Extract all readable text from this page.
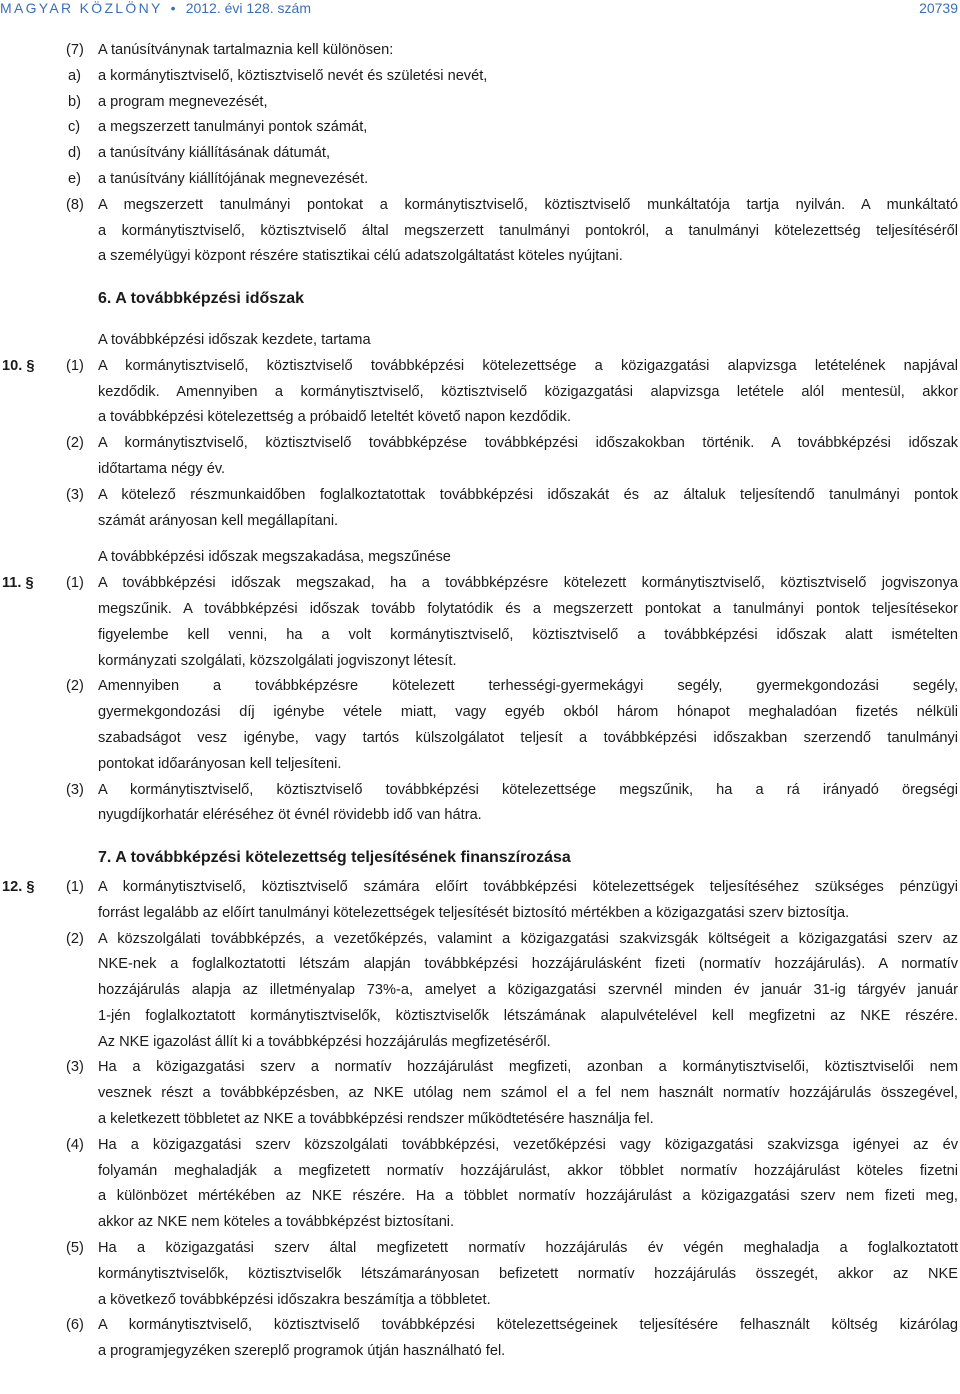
MAGYAR KÖZLÖNY • 2012. évi 128. szám	20739
(7) A tanúsítványnak tartalmaznia kell különösen:
a) a kormánytisztviselő, köztisztviselő nevét és születési nevét,
b) a program megnevezését,
c) a megszerzett tanulmányi pontok számát,
d) a tanúsítvány kiállításának dátumát,
e) a tanúsítvány kiállítójának megnevezését.
(8) A megszerzett tanulmányi pontokat a kormánytisztviselő, köztisztviselő munkáltatója tartja nyilván. A munkáltató
a kormánytisztviselő, köztisztviselő által megszerzett tanulmányi pontokról, a tanulmányi kötelezettség teljesítéséről
a személyügyi központ részére statisztikai célú adatszolgáltatást köteles nyújtani.
6. A továbbképzési időszak
A továbbképzési időszak kezdete, tartama
10. § (1) A kormánytisztviselő, köztisztviselő továbbképzési kötelezettsége a közigazgatási alapvizsga letételének napjával
kezdődik. Amennyiben a kormánytisztviselő, köztisztviselő közigazgatási alapvizsga letétele alól mentesül, akkor
a továbbképzési kötelezettség a próbaidő leteltét követő napon kezdődik.
(2) A kormánytisztviselő, köztisztviselő továbbképzése továbbképzési időszakokban történik. A továbbképzési időszak
időtartama négy év.
(3) A kötelező részmunkaidőben foglalkoztatottak továbbképzési időszakát és az általuk teljesítendő tanulmányi pontok
számát arányosan kell megállapítani.
A továbbképzési időszak megszakadása, megszűnése
11. § (1) A továbbképzési időszak megszakad, ha a továbbképzésre kötelezett kormánytisztviselő, köztisztviselő jogviszonya
megszűnik. A továbbképzési időszak tovább folytatódik és a megszerzett pontokat a tanulmányi pontok teljesítésekor
figyelembe kell venni, ha a volt kormánytisztviselő, köztisztviselő a továbbképzési időszak alatt ismételten
kormányzati szolgálati, közszolgálati jogviszonyt létesít.
(2) Amennyiben a továbbképzésre kötelezett terhességi-gyermekágyi segély, gyermekgondozási segély,
gyermekgondozási díj igénybe vétele miatt, vagy egyéb okból három hónapot meghaladóan fizetés nélküli
szabadságot vesz igénybe, vagy tartós külszolgálatot teljesít a továbbképzési időszakban szerzendő tanulmányi
pontokat időarányosan kell teljesíteni.
(3) A kormánytisztviselő, köztisztviselő továbbképzési kötelezettsége megszűnik, ha a rá irányadó öregségi
nyugdíjkorhatár eléréséhez öt évnél rövidebb idő van hátra.
7. A továbbképzési kötelezettség teljesítésének finanszírozása
12. § (1) A kormánytisztviselő, köztisztviselő számára előírt továbbképzési kötelezettségek teljesítéséhez szükséges pénzügyi
forrást legalább az előírt tanulmányi kötelezettségek teljesítését biztosító mértékben a közigazgatási szerv biztosítja.
(2) A közszolgálati továbbképzés, a vezetőképzés, valamint a közigazgatási szakvizsgák költségeit a közigazgatási szerv az
NKE-nek a foglalkoztatotti létszám alapján továbbképzési hozzájárulásként fizeti (normatív hozzájárulás). A normatív
hozzájárulás alapja az illetményalap 73%-a, amelyet a közigazgatási szervnél minden év január 31-ig tárgyév január
1-jén foglalkoztatott kormánytisztviselők, köztisztviselők létszámának alapulvételével kell megfizetni az NKE részére.
Az NKE igazolást állít ki a továbbképzési hozzájárulás megfizetéséről.
(3) Ha a közigazgatási szerv a normatív hozzájárulást megfizeti, azonban a kormánytisztviselői, köztisztviselői nem
vesznek részt a továbbképzésben, az NKE utólag nem számol el a fel nem használt normatív hozzájárulás összegével,
a keletkezett többletet az NKE a továbbképzési rendszer működtetésére használja fel.
(4) Ha a közigazgatási szerv közszolgálati továbbképzési, vezetőképzési vagy közigazgatási szakvizsga igényei az év
folyamán meghaladják a megfizetett normatív hozzájárulást, akkor többlet normatív hozzájárulást köteles fizetni
a különbözet mértékében az NKE részére. Ha a többlet normatív hozzájárulást a közigazgatási szerv nem fizeti meg,
akkor az NKE nem köteles a továbbképzést biztosítani.
(5) Ha a közigazgatási szerv által megfizetett normatív hozzájárulás év végén meghaladja a foglalkoztatott
kormánytisztviselők, köztisztviselők létszámarányosan befizetett normatív hozzájárulás összegét, akkor az NKE
a következő továbbképzési időszakra beszámítja a többletet.
(6) A kormánytisztviselő, köztisztviselő továbbképzési kötelezettségeinek teljesítésére felhasznált költség kizárólag
a programjegyzéken szereplő programok útján használható fel.
